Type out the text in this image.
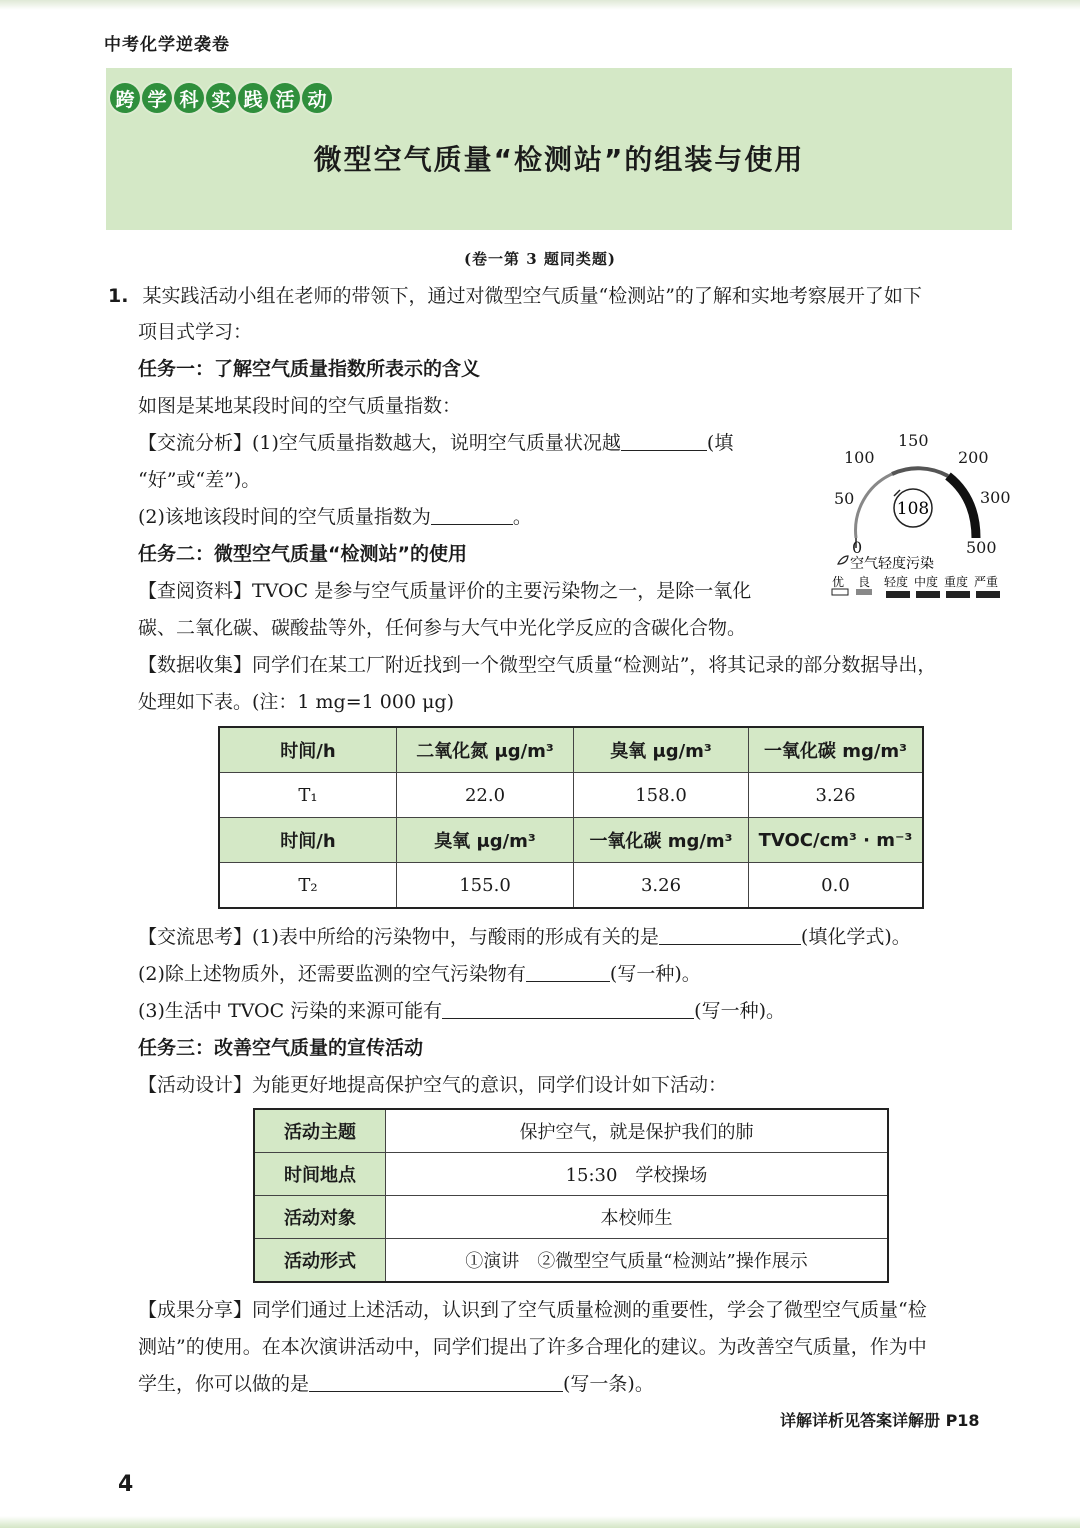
中考化学逆袭卷
跨 学 科 实 践 活 动
微型空气质量“检测站”的组装与使用
(卷一第 3 题同类题)
1. 某实践活动小组在老师的带领下，通过对微型空气质量“检测站”的了解和实地考察展开了如下
项目式学习：
任务一：了解空气质量指数所表示的含义
如图是某地某段时间的空气质量指数：
【交流分析】(1)空气质量指数越大，说明空气质量状况越	(填
“好”或“差”)。
(2)该地该段时间的空气质量指数为	。	108
空气轻度污染
优 良 轻度 中度 重度 严重
0
50
100
150
200
300
500
任务二：微型空气质量“检测站”的使用
【查阅资料】TVOC 是参与空气质量评价的主要污染物之一，是除一氧化
碳、二氧化碳、碳酸盐等外，任何参与大气中光化学反应的含碳化合物。
【数据收集】同学们在某工厂附近找到一个微型空气质量“检测站”，将其记录的部分数据导出，
处理如下表。(注：1 mg=1 000 μg)
时间/h	二氧化氮 μg/m³	臭氧 μg/m³	一氧化碳 mg/m³
T₁	22.0	158.0	3.26
时间/h	臭氧 μg/m³	一氧化碳 mg/m³	TVOC/cm³ · m⁻³
T₂	155.0	3.26	0.0
【交流思考】(1)表中所给的污染物中，与酸雨的形成有关的是	(填化学式)。
(2)除上述物质外，还需要监测的空气污染物有	(写一种)。
(3)生活中 TVOC 污染的来源可能有	(写一种)。
任务三：改善空气质量的宣传活动
【活动设计】为能更好地提高保护空气的意识，同学们设计如下活动：
活动主题	保护空气，就是保护我们的肺
时间地点	15:30　学校操场
活动对象	本校师生
活动形式	①演讲　②微型空气质量“检测站”操作展示
【成果分享】同学们通过上述活动，认识到了空气质量检测的重要性，学会了微型空气质量“检
测站”的使用。在本次演讲活动中，同学们提出了许多合理化的建议。为改善空气质量，作为中
学生，你可以做的是	(写一条)。
详解详析见答案详解册 P18
4
